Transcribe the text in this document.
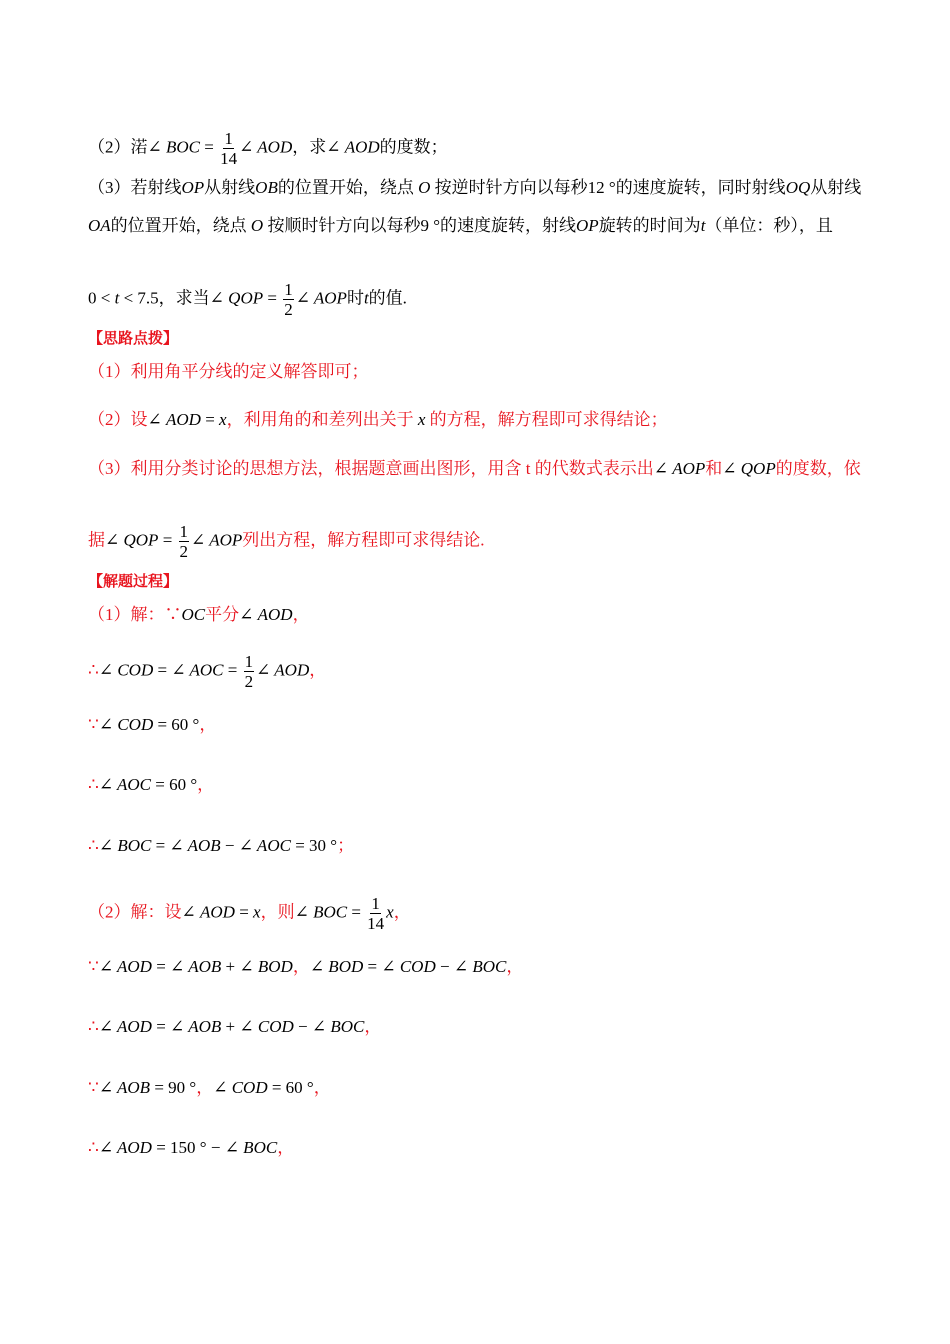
（2）渃∠ BOC = $\frac{1}{14}$ ∠ AOD，求∠ AOD的度数；
（3）若射线OP从射线OB的位置开始，绕点 O 按逆时针方向以每秒12 °的速度旋转，同时射线OQ从射线
OA的位置开始，绕点 O 按顺时针方向以每秒9 °的速度旋转，射线OP旋转的时间为t（单位：秒），且
0 < t < 7.5，求当∠ QOP = $\frac{1}{2}$ ∠ AOP时t的值.
【思路点拨】
（1）利用角平分线的定义解答即可；
（2）设∠ AOD = x，利用角的和差列出关于 x 的方程，解方程即可求得结论；
（3）利用分类讨论的思想方法，根据题意画出图形，用含 t 的代数式表示出∠ AOP和∠ QOP的度数，依
据∠ QOP = $\frac{1}{2}$ ∠ AOP列出方程，解方程即可求得结论.
【解题过程】
（1）解：∵OC平分∠ AOD，
∴∠ COD = ∠ AOC = $\frac{1}{2}$ ∠ AOD，
∵∠ COD = 60 °，
∴∠ AOC = 60 °，
∴∠ BOC = ∠ AOB − ∠ AOC = 30 °；
（2）解：设∠ AOD = x，则∠ BOC = $\frac{1}{14}$ x，
∵∠ AOD = ∠ AOB + ∠ BOD，∠ BOD = ∠ COD − ∠ BOC，
∴∠ AOD = ∠ AOB + ∠ COD − ∠ BOC，
∵∠ AOB = 90 °，∠ COD = 60 °，
∴∠ AOD = 150 ° − ∠ BOC，
